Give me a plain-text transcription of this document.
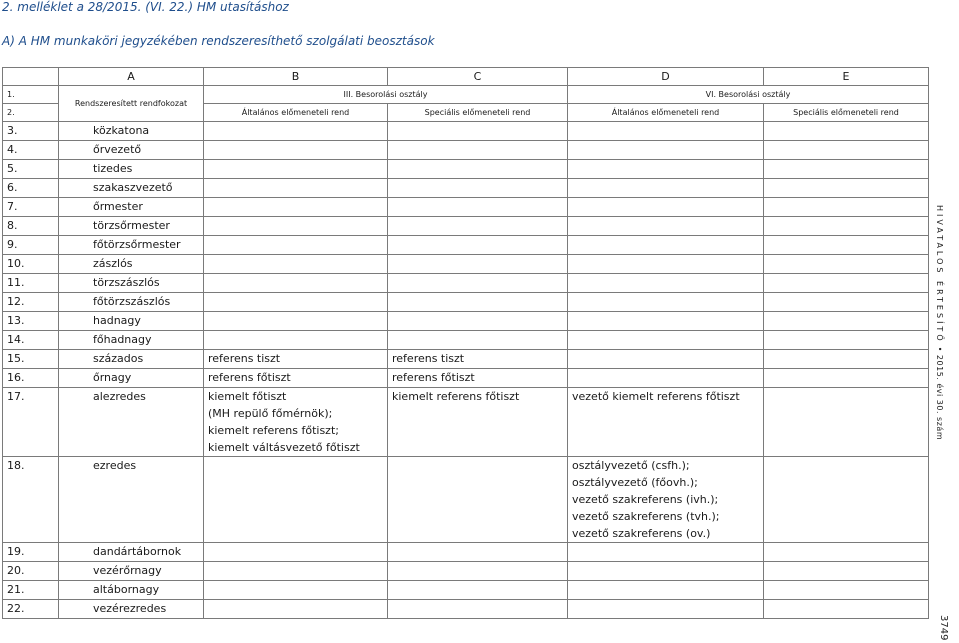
2. melléklet a 28/2015. (VI. 22.) HM utasításhoz
A) A HM munkaköri jegyzékében rendszeresíthető szolgálati beosztások
HIVATALOS ÉRTESÍTŐ • 2015. évi 30. szám
3749
	A	B	C	D	E
1.	Rendszeresített rendfokozat	III. Besorolási osztály		VI. Besorolási osztály	
2.		Általános előmeneteli rend	Speciális előmeneteli rend	Általános előmeneteli rend	Speciális előmeneteli rend
3.	közkatona				
4.	őrvezető				
5.	tizedes				
6.	szakaszvezető				
7.	őrmester				
8.	törzsőrmester				
9.	főtörzsőrmester				
10.	zászlós				
11.	törzszászlós				
12.	főtörzszászlós				
13.	hadnagy				
14.	főhadnagy				
15.	százados	referens tiszt	referens tiszt		

16.	őrnagy	referens főtiszt	referens főtiszt		

17.	alezredes	kiemelt főtiszt
(MH repülő főmérnök);
kiemelt referens főtiszt;
kiemelt váltásvezető főtiszt	kiemelt referens főtiszt	vezető kiemelt referens főtiszt	

18.	ezredes			osztályvezető (csfh.);
osztályvezető (főovh.);
vezető szakreferens (ivh.);
vezető szakreferens (tvh.);
vezető szakreferens (ov.)	

19.	dandártábornok				
20.	vezérőrnagy				
21.	altábornagy				
22.	vezérezredes				
